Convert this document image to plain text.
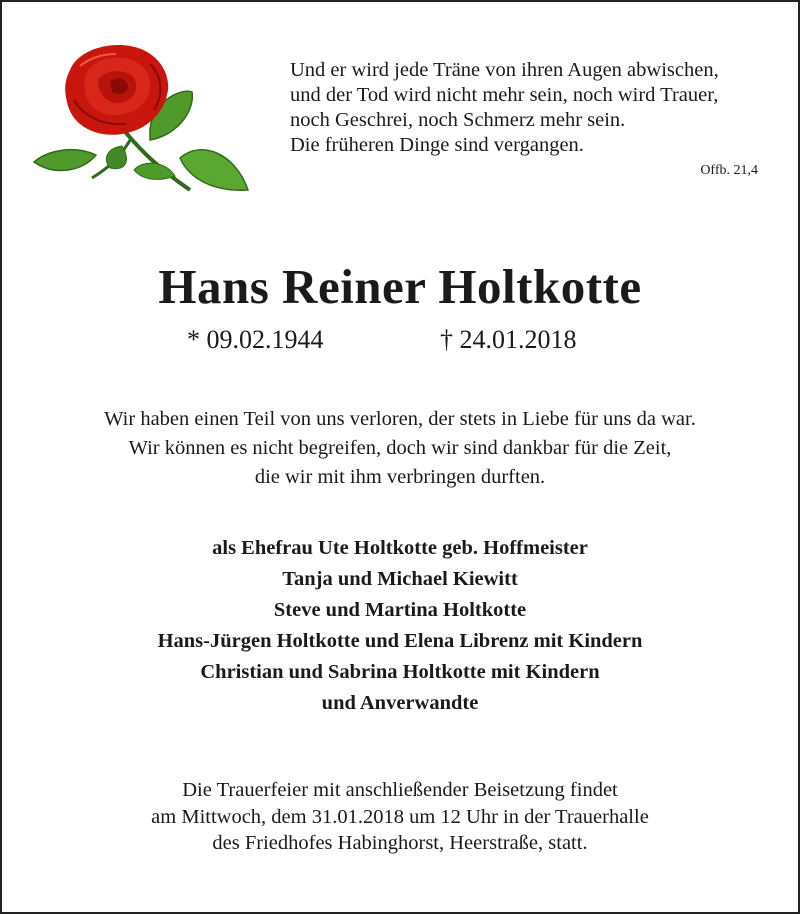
Und er wird jede Träne von ihren Augen abwischen,
und der Tod wird nicht mehr sein, noch wird Trauer,
noch Geschrei, noch Schmerz mehr sein.
Die früheren Dinge sind vergangen.
Offb. 21,4
Hans Reiner Holtkotte
* 09.02.1944	† 24.01.2018
Wir haben einen Teil von uns verloren, der stets in Liebe für uns da war.
Wir können es nicht begreifen, doch wir sind dankbar für die Zeit,
die wir mit ihm verbringen durften.
als Ehefrau Ute Holtkotte geb. Hoffmeister
Tanja und Michael Kiewitt
Steve und Martina Holtkotte
Hans-Jürgen Holtkotte und Elena Librenz mit Kindern
Christian und Sabrina Holtkotte mit Kindern
und Anverwandte
Die Trauerfeier mit anschließender Beisetzung findet
am Mittwoch, dem 31.01.2018 um 12 Uhr in der Trauerhalle
des Friedhofes Habinghorst, Heerstraße, statt.
